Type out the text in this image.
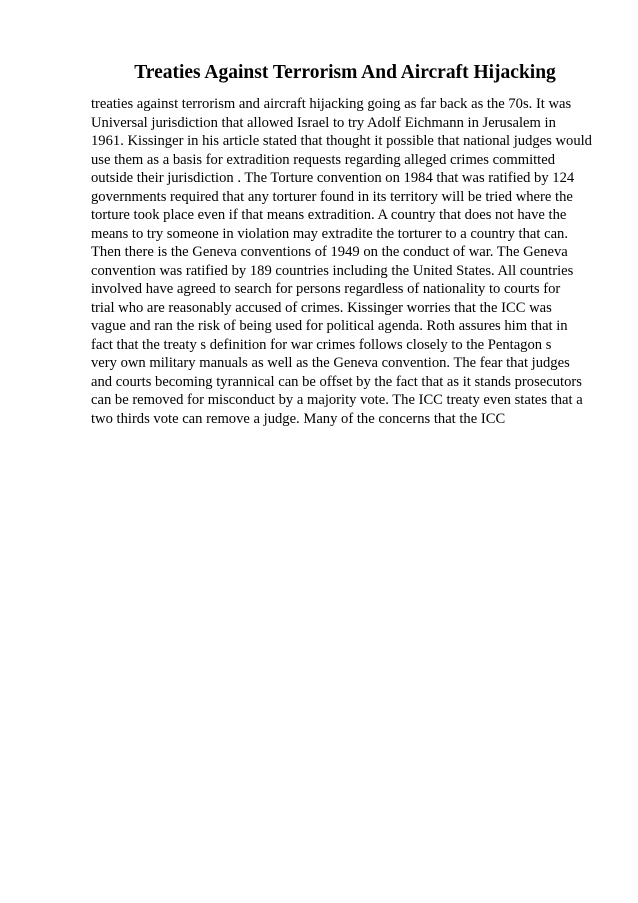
Treaties Against Terrorism And Aircraft Hijacking
treaties against terrorism and aircraft hijacking going as far back as the 70s. It was
Universal jurisdiction that allowed Israel to try Adolf Eichmann in Jerusalem in
1961. Kissinger in his article stated that thought it possible that national judges would
use them as a basis for extradition requests regarding alleged crimes committed
outside their jurisdiction . The Torture convention on 1984 that was ratified by 124
governments required that any torturer found in its territory will be tried where the
torture took place even if that means extradition. A country that does not have the
means to try someone in violation may extradite the torturer to a country that can.
Then there is the Geneva conventions of 1949 on the conduct of war. The Geneva
convention was ratified by 189 countries including the United States. All countries
involved have agreed to search for persons regardless of nationality to courts for
trial who are reasonably accused of crimes. Kissinger worries that the ICC was
vague and ran the risk of being used for political agenda. Roth assures him that in
fact that the treaty s definition for war crimes follows closely to the Pentagon s
very own military manuals as well as the Geneva convention. The fear that judges
and courts becoming tyrannical can be offset by the fact that as it stands prosecutors
can be removed for misconduct by a majority vote. The ICC treaty even states that a
two thirds vote can remove a judge. Many of the concerns that the ICC
